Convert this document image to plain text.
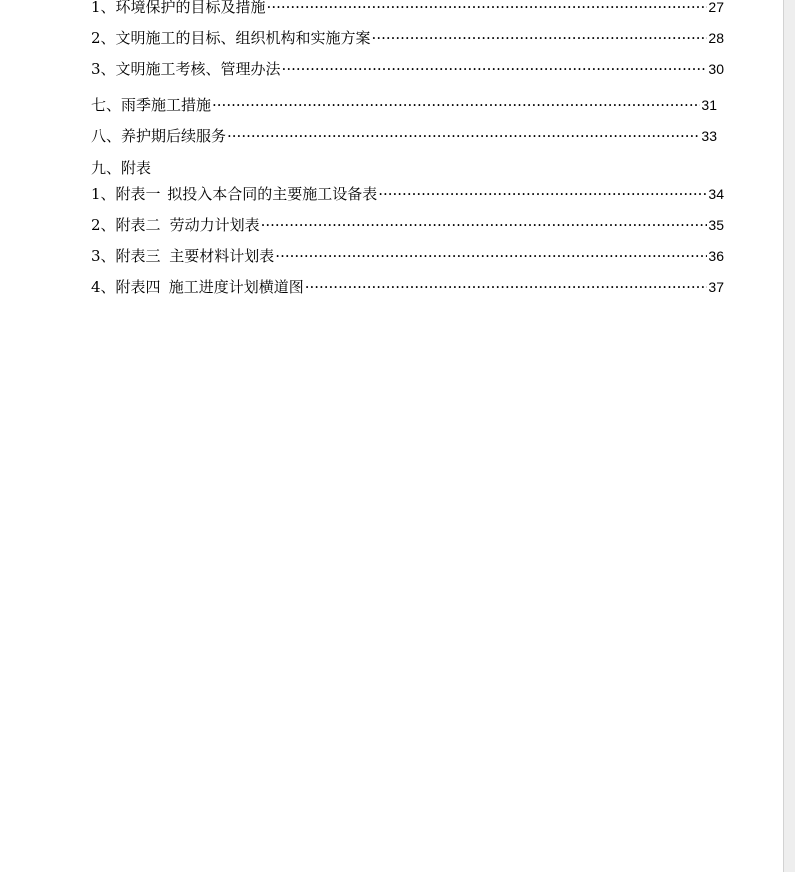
1、环境保护的目标及措施 ·····	27
2、文明施工的目标、组织机构和实施方案 ·····	28
3、文明施工考核、管理办法 ·····	30
七、雨季施工措施 ·····	31
八、养护期后续服务 ·····	33
九、附表
1、附表一 拟投入本合同的主要施工设备表 ·····	34
2、附表二 劳动力计划表 ·····	35
3、附表三 主要材料计划表 ·····	36
4、附表四 施工进度计划横道图 ·····	37
